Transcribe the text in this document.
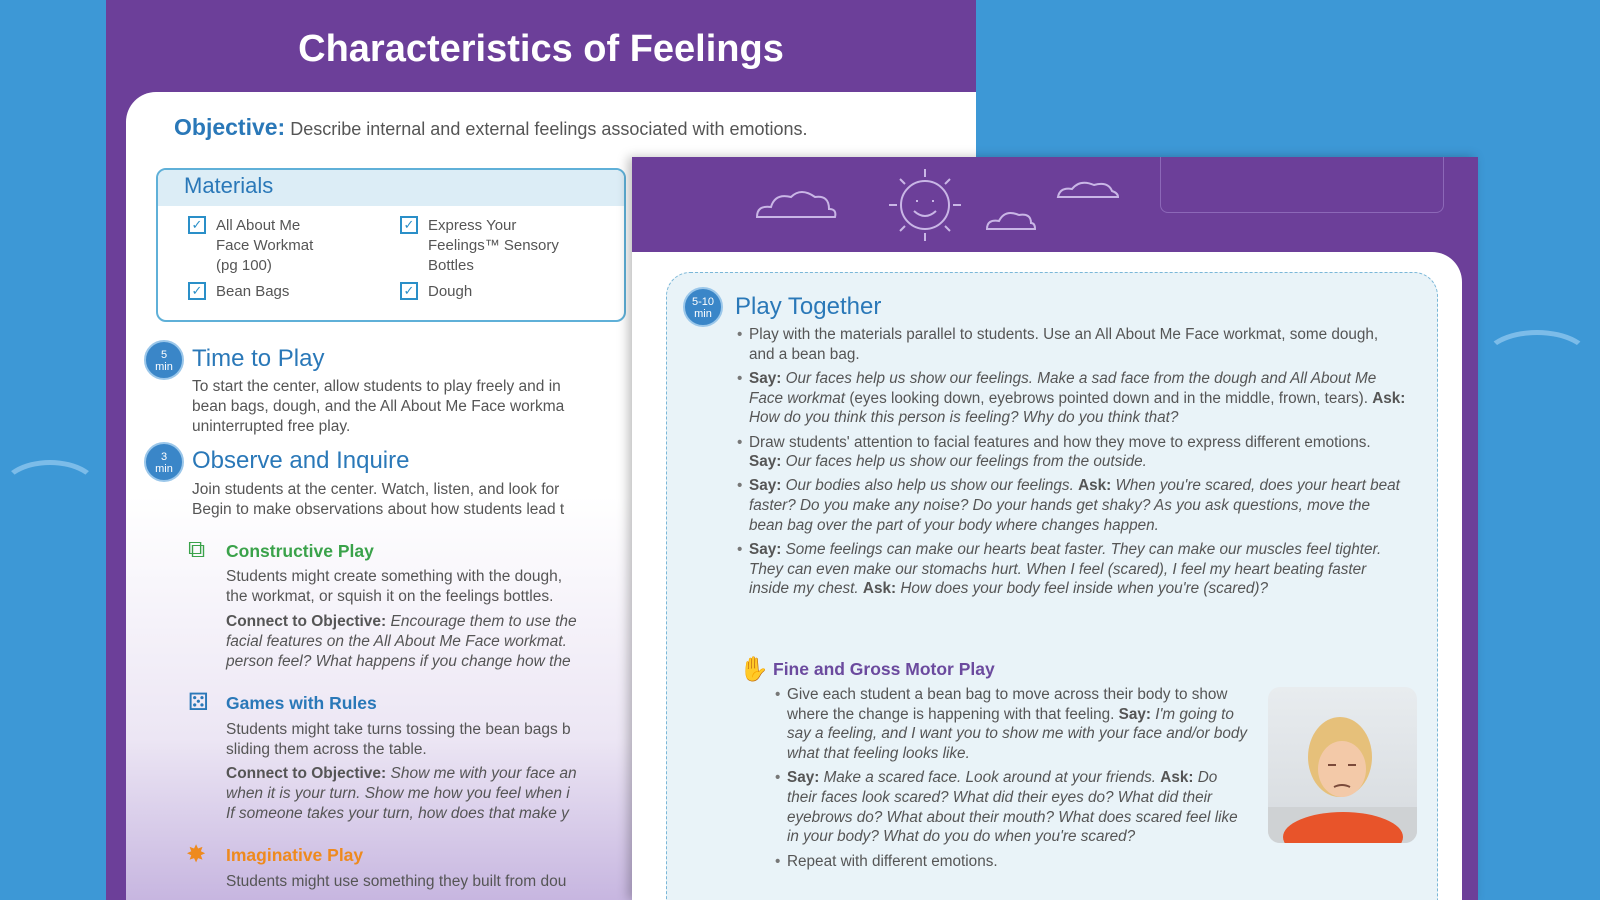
Characteristics of Feelings
Objective: Describe internal and external feelings associated with emotions.
Materials
✓ All About Me
Face Workmat
(pg 100)
✓ Express Your
Feelings™ Sensory
Bottles
✓ Bean Bags	✓ Dough
5
min Time to Play
To start the center, allow students to play freely and in
bean bags, dough, and the All About Me Face workma
uninterrupted free play.
3
min Observe and Inquire
Join students at the center. Watch, listen, and look for
Begin to make observations about how students lead t
⧉ Constructive Play
Students might create something with the dough,
the workmat, or squish it on the feelings bottles.
Connect to Objective: Encourage them to use the
facial features on the All About Me Face workmat.
person feel? What happens if you change how the
⚄ Games with Rules
Students might take turns tossing the bean bags b
sliding them across the table.
Connect to Objective: Show me with your face an
when it is your turn. Show me how you feel when i
If someone takes your turn, how does that make y
✸ Imaginative Play
Students might use something they built from dou
5-10
min Play Together
• Play with the materials parallel to students. Use an All About Me Face workmat, some dough, and a bean bag.
• Say: Our faces help us show our feelings. Make a sad face from the dough and All About Me Face workmat (eyes looking down, eyebrows pointed down and in the middle, frown, tears). Ask: How do you think this person is feeling? Why do you think that?
• Draw students' attention to facial features and how they move to express different emotions. Say: Our faces help us show our feelings from the outside.
• Say: Our bodies also help us show our feelings. Ask: When you're scared, does your heart beat faster? Do you make any noise? Do your hands get shaky? As you ask questions, move the bean bag over the part of your body where changes happen.
• Say: Some feelings can make our hearts beat faster. They can make our muscles feel tighter. They can even make our stomachs hurt. When I feel (scared), I feel my heart beating faster inside my chest. Ask: How does your body feel inside when you're (scared)?
✋ Fine and Gross Motor Play
• Give each student a bean bag to move across their body to show where the change is happening with that feeling. Say: I'm going to say a feeling, and I want you to show me with your face and/or body what that feeling looks like.
• Say: Make a scared face. Look around at your friends. Ask: Do their faces look scared? What did their eyes do? What did their eyebrows do? What about their mouth? What does scared feel like in your body? What do you do when you're scared?
• Repeat with different emotions.
